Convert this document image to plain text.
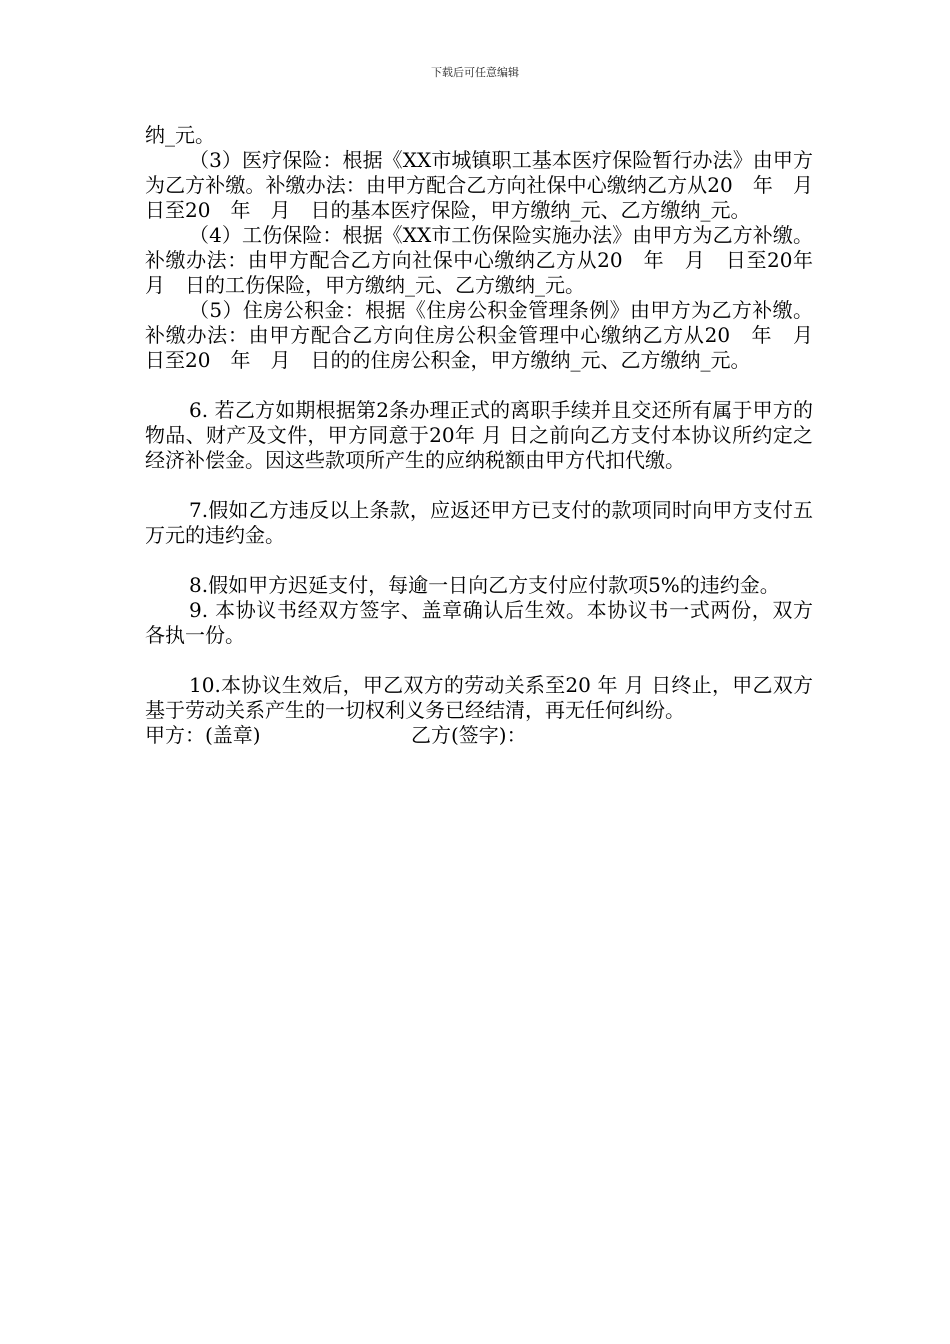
下载后可任意编辑

纳_元。

（3）医疗保险：根据《XX市城镇职工基本医疗保险暂行办法》由甲方为乙方补缴。补缴办法：由甲方配合乙方向社保中心缴纳乙方从20　年　月　日至20　年　月　日的基本医疗保险，甲方缴纳_元、乙方缴纳_元。

（4）工伤保险：根据《XX市工伤保险实施办法》由甲方为乙方补缴。补缴办法：由甲方配合乙方向社保中心缴纳乙方从20　年　月　日至20年　月　日的工伤保险，甲方缴纳_元、乙方缴纳_元。

（5）住房公积金：根据《住房公积金管理条例》由甲方为乙方补缴。补缴办法：由甲方配合乙方向住房公积金管理中心缴纳乙方从20　年　月　日至20　年　月　日的的住房公积金，甲方缴纳_元、乙方缴纳_元。

6. 若乙方如期根据第2条办理正式的离职手续并且交还所有属于甲方的物品、财产及文件，甲方同意于20年 月 日之前向乙方支付本协议所约定之经济补偿金。因这些款项所产生的应纳税额由甲方代扣代缴。

7.假如乙方违反以上条款，应返还甲方已支付的款项同时向甲方支付五万元的违约金。

8.假如甲方迟延支付，每逾一日向乙方支付应付款项5%的违约金。

9. 本协议书经双方签字、盖章确认后生效。本协议书一式两份，双方各执一份。

10.本协议生效后，甲乙双方的劳动关系至20 年 月 日终止，甲乙双方基于劳动关系产生的一切权利义务已经结清，再无任何纠纷。

甲方：(盖章)	乙方(签字)：
